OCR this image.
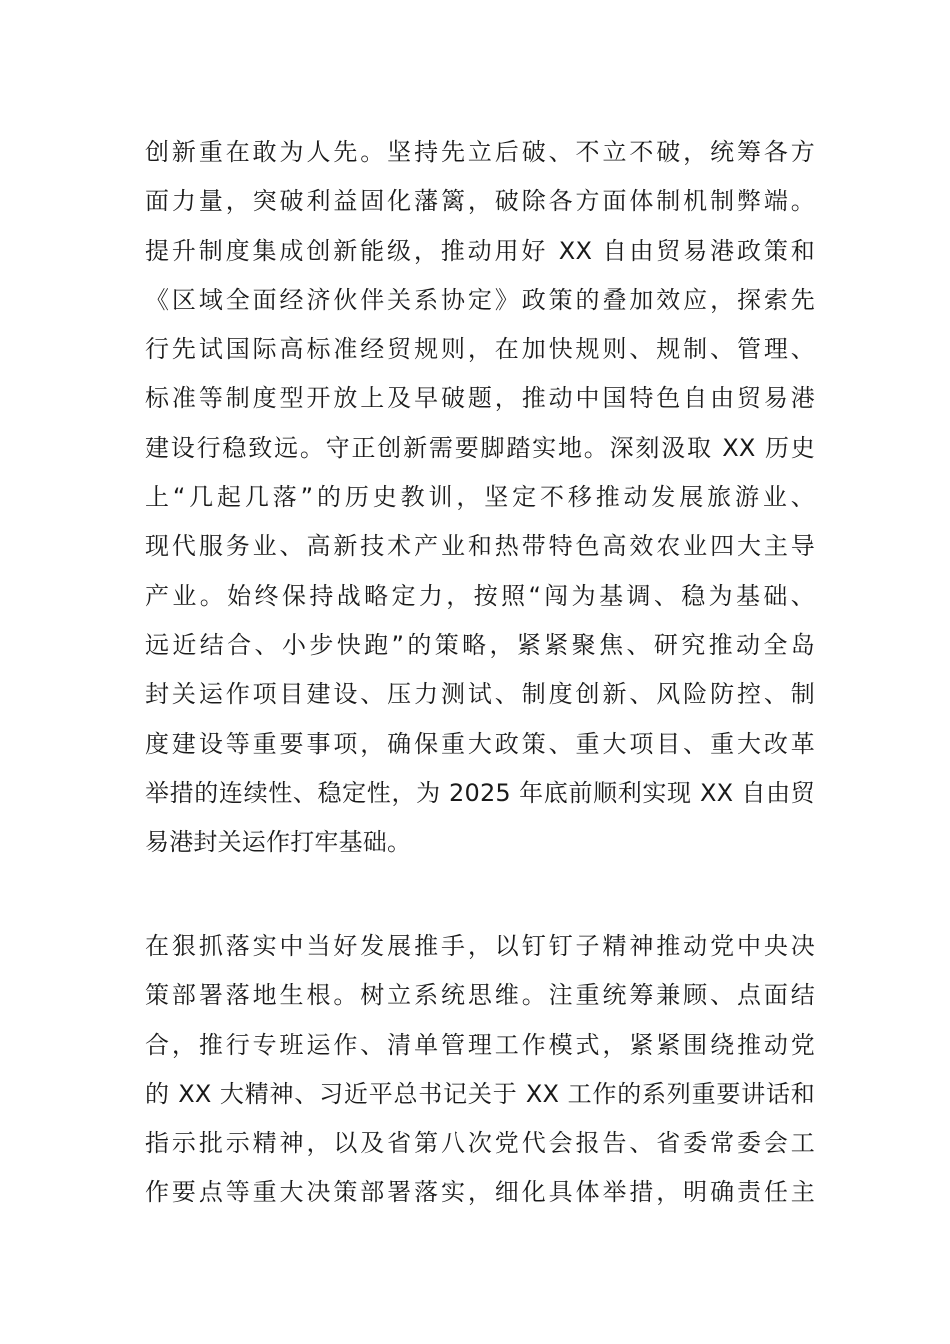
创新重在敢为人先。坚持先立后破、不立不破，统筹各方
面力量，突破利益固化藩篱，破除各方面体制机制弊端。
提升制度集成创新能级，推动用好 XX 自由贸易港政策和
《区域全面经济伙伴关系协定》政策的叠加效应，探索先
行先试国际高标准经贸规则，在加快规则、规制、管理、
标准等制度型开放上及早破题，推动中国特色自由贸易港
建设行稳致远。守正创新需要脚踏实地。深刻汲取 XX 历史
上“几起几落”的历史教训，坚定不移推动发展旅游业、
现代服务业、高新技术产业和热带特色高效农业四大主导
产业。始终保持战略定力，按照“闯为基调、稳为基础、
远近结合、小步快跑”的策略，紧紧聚焦、研究推动全岛
封关运作项目建设、压力测试、制度创新、风险防控、制
度建设等重要事项，确保重大政策、重大项目、重大改革
举措的连续性、稳定性，为 2025 年底前顺利实现 XX 自由贸
易港封关运作打牢基础。
在狠抓落实中当好发展推手，以钉钉子精神推动党中央决
策部署落地生根。树立系统思维。注重统筹兼顾、点面结
合，推行专班运作、清单管理工作模式，紧紧围绕推动党
的 XX 大精神、习近平总书记关于 XX 工作的系列重要讲话和
指示批示精神，以及省第八次党代会报告、省委常委会工
作要点等重大决策部署落实，细化具体举措，明确责任主
